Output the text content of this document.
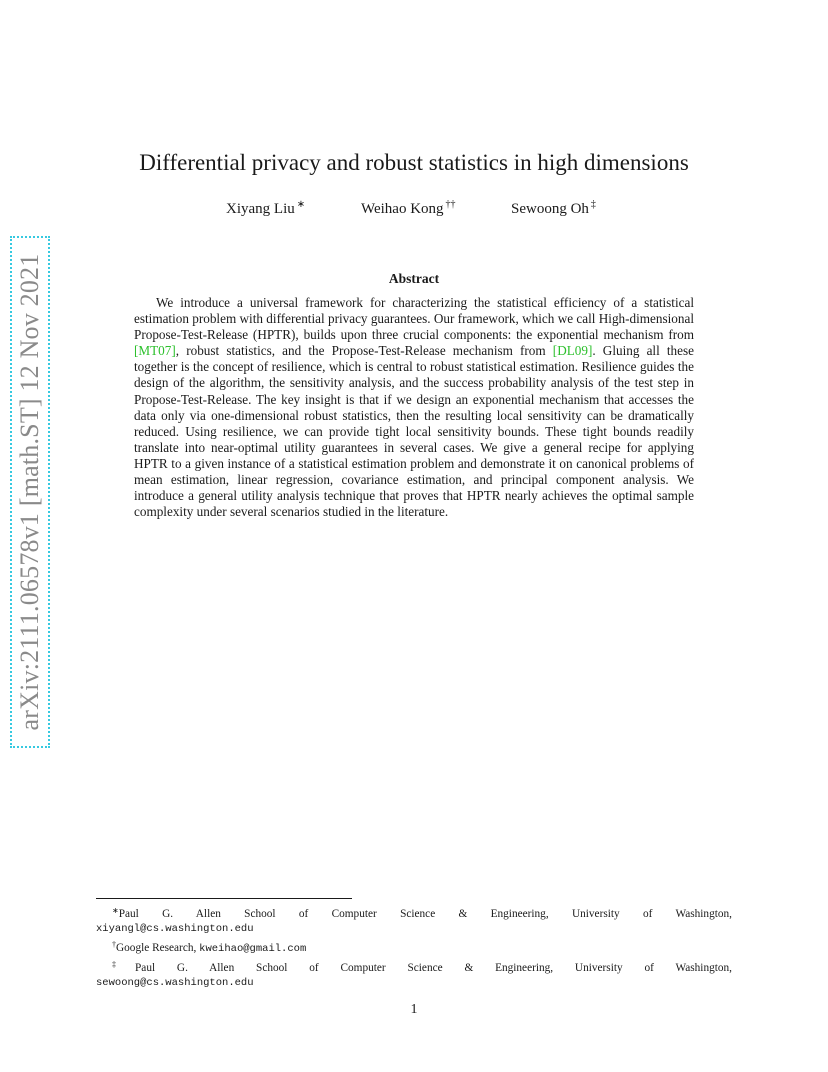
arXiv:2111.06578v1 [math.ST] 12 Nov 2021
Differential privacy and robust statistics in high dimensions
Xiyang Liu ∗	Weihao Kong ††	Sewoong Oh ‡
Abstract
We introduce a universal framework for characterizing the statistical efficiency of a statistical estimation problem with differential privacy guarantees. Our framework, which we call High-dimensional Propose-Test-Release (HPTR), builds upon three crucial components: the exponential mechanism from [MT07], robust statistics, and the Propose-Test-Release mechanism from [DL09]. Gluing all these together is the concept of resilience, which is central to robust statistical estimation. Resilience guides the design of the algorithm, the sensitivity analysis, and the success probability analysis of the test step in Propose-Test-Release. The key insight is that if we design an exponential mechanism that accesses the data only via one-dimensional robust statistics, then the resulting local sensitivity can be dramatically reduced. Using resilience, we can provide tight local sensitivity bounds. These tight bounds readily translate into near-optimal utility guarantees in several cases. We give a general recipe for applying HPTR to a given instance of a statistical estimation problem and demonstrate it on canonical problems of mean estimation, linear regression, covariance estimation, and principal component analysis. We introduce a general utility analysis technique that proves that HPTR nearly achieves the optimal sample complexity under several scenarios studied in the literature.
∗Paul G. Allen School of Computer Science & Engineering, University of Washington,
xiyangl@cs.washington.edu
†Google Research, kweihao@gmail.com
‡Paul G. Allen School of Computer Science & Engineering, University of Washington,
sewoong@cs.washington.edu
1
